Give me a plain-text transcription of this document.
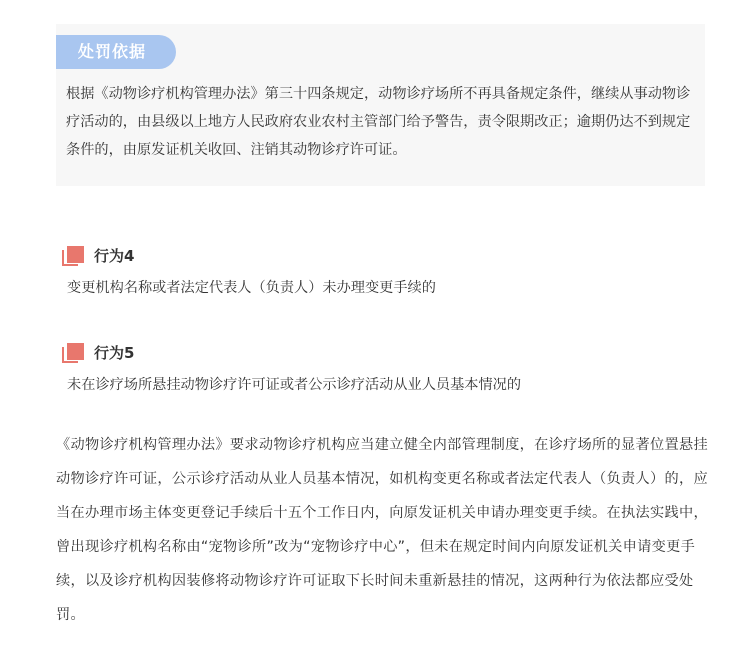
处罚依据

根据《动物诊疗机构管理办法》第三十四条规定，动物诊疗场所不再具备规定条件，继续从事动物诊疗活动的，由县级以上地方人民政府农业农村主管部门给予警告，责令限期改正；逾期仍达不到规定条件的，由原发证机关收回、注销其动物诊疗许可证。

行为4
变更机构名称或者法定代表人（负责人）未办理变更手续的
行为5
未在诊疗场所悬挂动物诊疗许可证或者公示诊疗活动从业人员基本情况的

《动物诊疗机构管理办法》要求动物诊疗机构应当建立健全内部管理制度，在诊疗场所的显著位置悬挂动物诊疗许可证，公示诊疗活动从业人员基本情况，如机构变更名称或者法定代表人（负责人）的，应当在办理市场主体变更登记手续后十五个工作日内，向原发证机关申请办理变更手续。在执法实践中，曾出现诊疗机构名称由“宠物诊所”改为“宠物诊疗中心”，但未在规定时间内向原发证机关申请变更手续，以及诊疗机构因装修将动物诊疗许可证取下长时间未重新悬挂的情况，这两种行为依法都应受处罚。
